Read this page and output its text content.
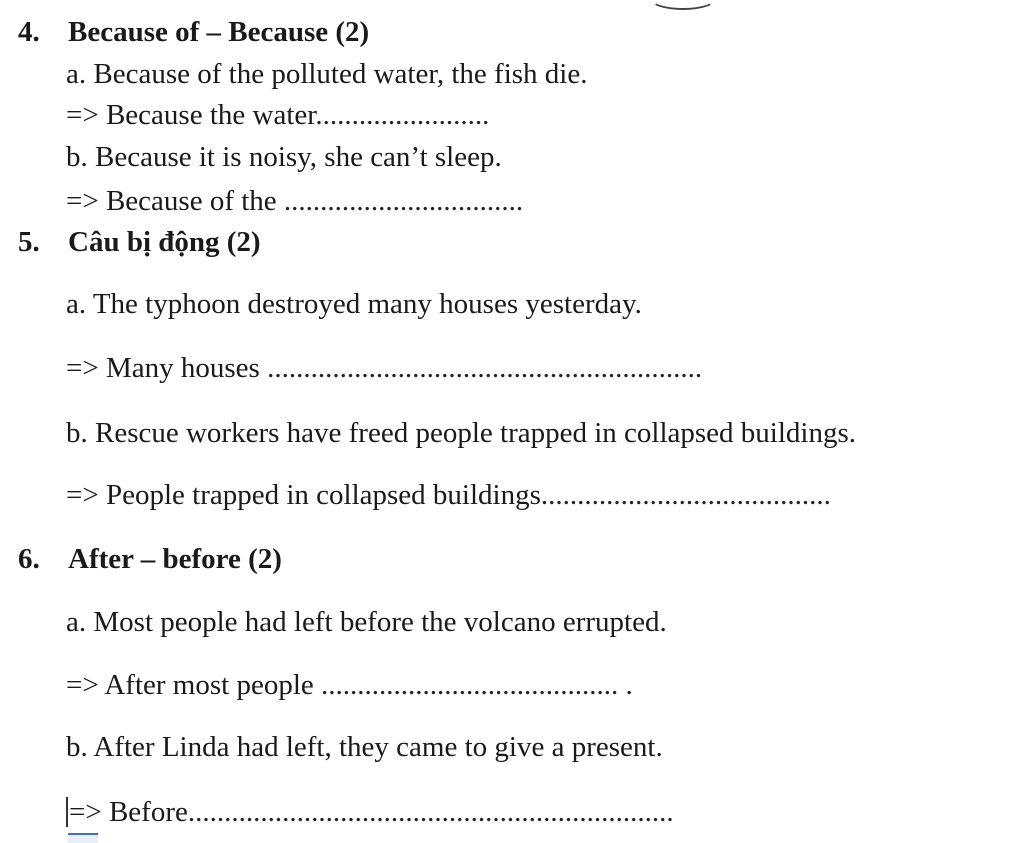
4. Because of – Because (2)
a. Because of the polluted water, the fish die.
=> Because the water........................
b. Because it is noisy, she can’t sleep.
=> Because of the .................................
5. Câu bị động (2)
a. The typhoon destroyed many houses yesterday.
=> Many houses ............................................................
b. Rescue workers have freed people trapped in collapsed buildings.
=> People trapped in collapsed buildings........................................
6. After – before (2)
a. Most people had left before the volcano errupted.
=> After most people ......................................... .
b. After Linda had left, they came to give a present.
=> Before...................................................................
